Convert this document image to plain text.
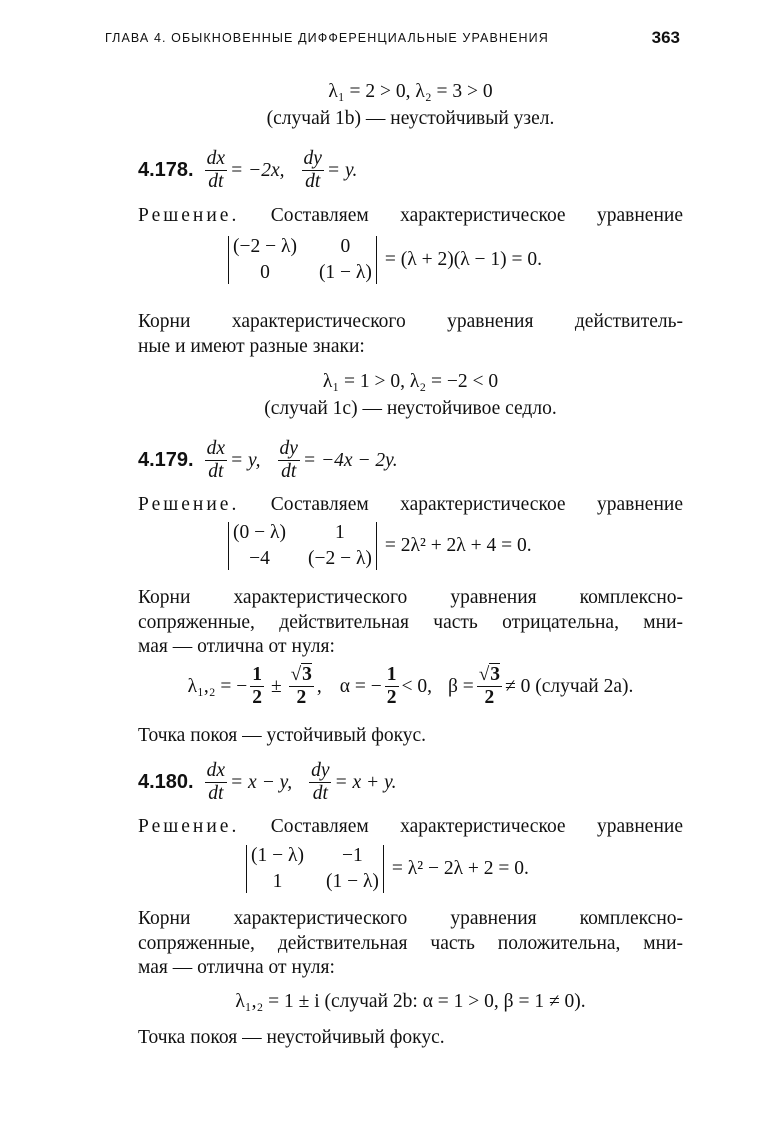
ГЛАВА 4. ОБЫКНОВЕННЫЕ ДИФФЕРЕНЦИАЛЬНЫЕ УРАВНЕНИЯ	363
λ₁ = 2 > 0, λ₂ = 3 > 0
(случай 1b) — неустойчивый узел.
4.178. $\frac{dx}{dt} = -2x$, $\frac{dy}{dt} = y$.
Решение. Составляем характеристическое уравнение
(−2 − λ)	0
0	(1 − λ)
= (λ + 2)(λ − 1) = 0.
Корни характеристического уравнения действитель-
ные и имеют разные знаки:
λ₁ = 1 > 0, λ₂ = −2 < 0
(случай 1c) — неустойчивое седло.
4.179. $\frac{dx}{dt} = y$, $\frac{dy}{dt} = -4x - 2y$.
Решение. Составляем характеристическое уравнение
(0 − λ)	1
−4	(−2 − λ)
= 2λ² + 2λ + 4 = 0.
Корни характеристического уравнения комплексно-
сопряженные, действительная часть отрицательна, мни-
мая — отлична от нуля:
λ₁,₂ = − $\frac{1}{2} \pm \frac{√3}{2}$ , α = − $\frac{1}{2} < 0$, $\beta = \frac{√3}{2} \ne 0$ (случай 2a).
Точка покоя — устойчивый фокус.
4.180. $\frac{dx}{dt} = x - y$, $\frac{dy}{dt} = x + y$.
Решение. Составляем характеристическое уравнение
(1 − λ)	−1
1	(1 − λ)
= λ² − 2λ + 2 = 0.
Корни характеристического уравнения комплексно-
сопряженные, действительная часть положительна, мни-
мая — отлична от нуля:
λ₁,₂ = 1 ± i (случай 2b: α = 1 > 0, β = 1 ≠ 0).
Точка покоя — неустойчивый фокус.
